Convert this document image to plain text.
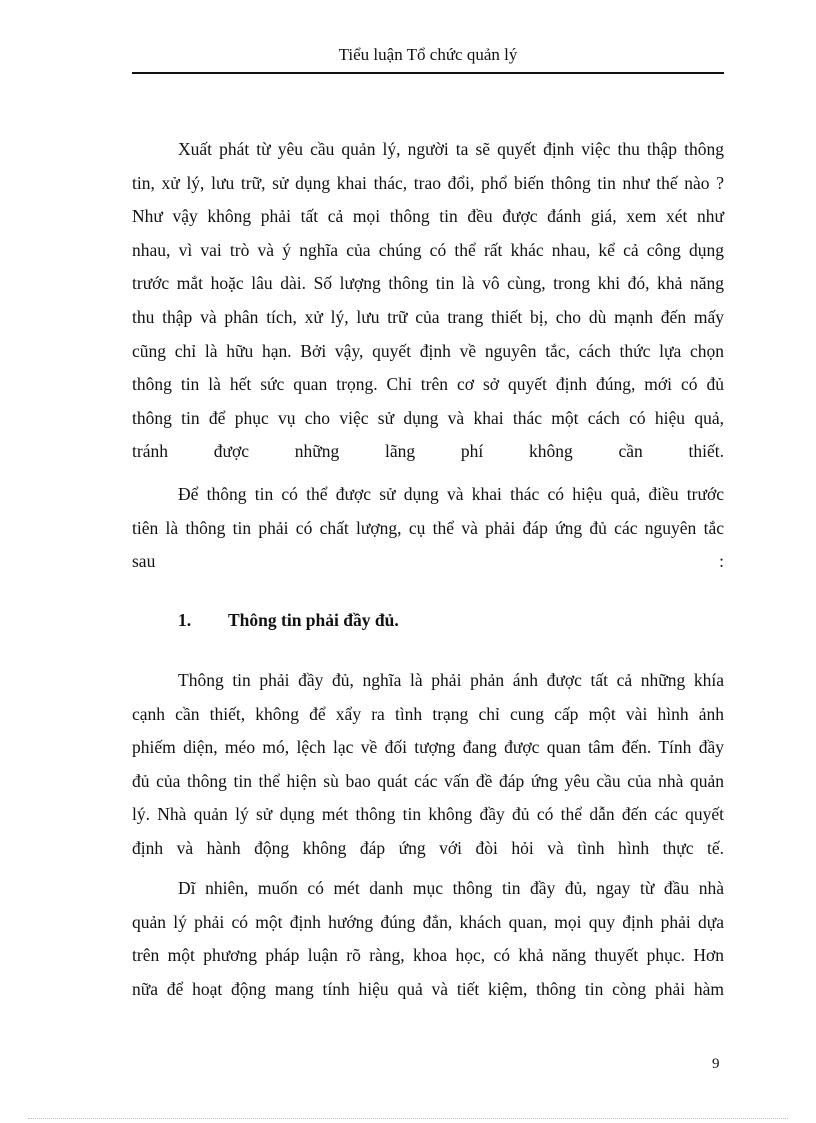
Tiểu luận Tổ chức quản lý
Xuất phát từ yêu cầu quản lý, người ta sẽ quyết định việc thu thập thông
tin, xử lý, lưu trữ, sử dụng khai thác, trao đổi, phổ biến thông tin như thế nào ?
Như vậy không phải tất cả mọi thông tin đều được đánh giá, xem xét như
nhau, vì vai trò và ý nghĩa của chúng có thể rất khác nhau, kể cả công dụng
trước mắt hoặc lâu dài. Số lượng thông tin là vô cùng, trong khi đó, khả năng
thu thập và phân tích, xử lý, lưu trữ của trang thiết bị, cho dù mạnh đến mấy
cũng chỉ là hữu hạn. Bởi vậy, quyết định về nguyên tắc, cách thức lựa chọn
thông tin là hết sức quan trọng. Chỉ trên cơ sở quyết định đúng, mới có đủ
thông tin để phục vụ cho việc sử dụng và khai thác một cách có hiệu quả,
tránh được những lãng phí không cần thiết.
Để thông tin có thể được sử dụng và khai thác có hiệu quả, điều trước
tiên là thông tin phải có chất lượng, cụ thể và phải đáp ứng đủ các nguyên tắc
sau :
1. Thông tin phải đầy đủ.
Thông tin phải đầy đủ, nghĩa là phải phản ánh được tất cả những khía
cạnh cần thiết, không để xẩy ra tình trạng chỉ cung cấp một vài hình ảnh
phiếm diện, méo mó, lệch lạc về đối tượng đang được quan tâm đến. Tính đầy
đủ của thông tin thể hiện sù bao quát các vấn đề đáp ứng yêu cầu của nhà quản
lý. Nhà quản lý sử dụng mét thông tin không đầy đủ có thể dẫn đến các quyết
định và hành động không đáp ứng với đòi hỏi và tình hình thực tế.
Dĩ nhiên, muốn có mét danh mục thông tin đầy đủ, ngay từ đầu nhà
quản lý phải có một định hướng đúng đắn, khách quan, mọi quy định phải dựa
trên một phương pháp luận rõ ràng, khoa học, có khả năng thuyết phục. Hơn
nữa để hoạt động mang tính hiệu quả và tiết kiệm, thông tin còng phải hàm
9
